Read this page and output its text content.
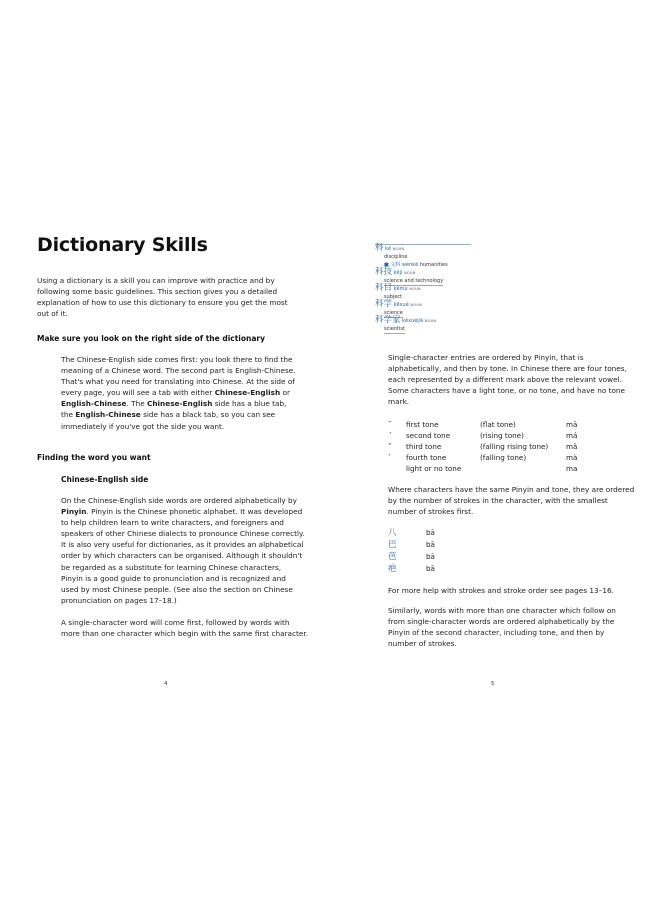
Dictionary Skills

Using a dictionary is a skill you can improve with practice and by following some basic guidelines. This section gives you a detailed explanation of how to use this dictionary to ensure you get the most out of it.

Make sure you look on the right side of the dictionary

The Chinese-English side comes first: you look there to find the
meaning of a Chinese word. The second part is English-Chinese.
That's what you need for translating into Chinese. At the side of
every page, you will see a tab with either Chinese-English or
English-Chinese. The Chinese-English side has a blue tab,
the English-Chinese side has a black tab, so you can see
immediately if you've got the side you want.

Finding the word you want

Chinese-English side

On the Chinese-English side words are ordered alphabetically by
Pinyin. Pinyin is the Chinese phonetic alphabet. It was developed
to help children learn to write characters, and foreigners and
speakers of other Chinese dialects to pronounce Chinese correctly.
It is also very useful for dictionaries, as it provides an alphabetical
order by which characters can be organised. Although it shouldn't
be regarded as a substitute for learning Chinese characters,
Pinyin is a good guide to pronunciation and is recognized and
used by most Chinese people. (See also the section on Chinese
pronunciation on pages 17–18.)
A single-character word will come first, followed by words with
more than one character which begin with the same first character.
4
科 kē NOUN
discipline
■ 文科 wénkē humanities
科技 kējì NOUN
science and technology
科目 kēmù NOUN
subject
科学 kēxué NOUN
science
科学家 kēxuéjiā NOUN
scientist
Single-character entries are ordered by Pinyin, that is
alphabetically, and then by tone. In Chinese there are four tones,
each represented by a different mark above the relevant vowel.
Some characters have a light tone, or no tone, and have no tone
mark.
¯ first tone	(flat tone)	mā
ˊ second tone	(rising tone)	má
ˇ third tone	(falling rising tone) mǎ
ˋ fourth tone	(falling tone)	mà
light or no tone	ma
Where characters have the same Pinyin and tone, they are ordered
by the number of strokes in the character, with the smallest
number of strokes first.
八	bā
巴	bā
芭	bā
疤	bā

For more help with strokes and stroke order see pages 13–16.

Similarly, words with more than one character which follow on
from single-character words are ordered alphabetically by the
Pinyin of the second character, including tone, and then by
number of strokes.
5
